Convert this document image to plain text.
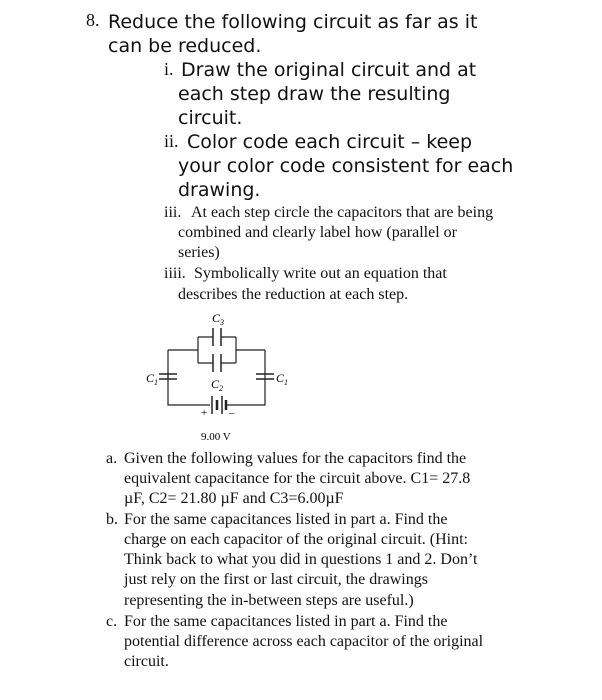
8. Reduce the following circuit as far as it
can be reduced.
i. Draw the original circuit and at
each step draw the resulting
circuit.
ii. Color code each circuit – keep
your color code consistent for each
drawing.
iii. At each step circle the capacitors that are being
combined and clearly label how (parallel or
series)
iiii. Symbolically write out an equation that
describes the reduction at each step.
C 3
C 2
C 1	C 1
+ –
9.00 V
a. Given the following values for the capacitors find the
equivalent capacitance for the circuit above. C1= 27.8
µF, C2= 21.80 µF and C3=6.00µF
b. For the same capacitances listed in part a. Find the
charge on each capacitor of the original circuit. (Hint:
Think back to what you did in questions 1 and 2. Don’t
just rely on the first or last circuit, the drawings
representing the in-between steps are useful.)
c. For the same capacitances listed in part a. Find the
potential difference across each capacitor of the original
circuit.
